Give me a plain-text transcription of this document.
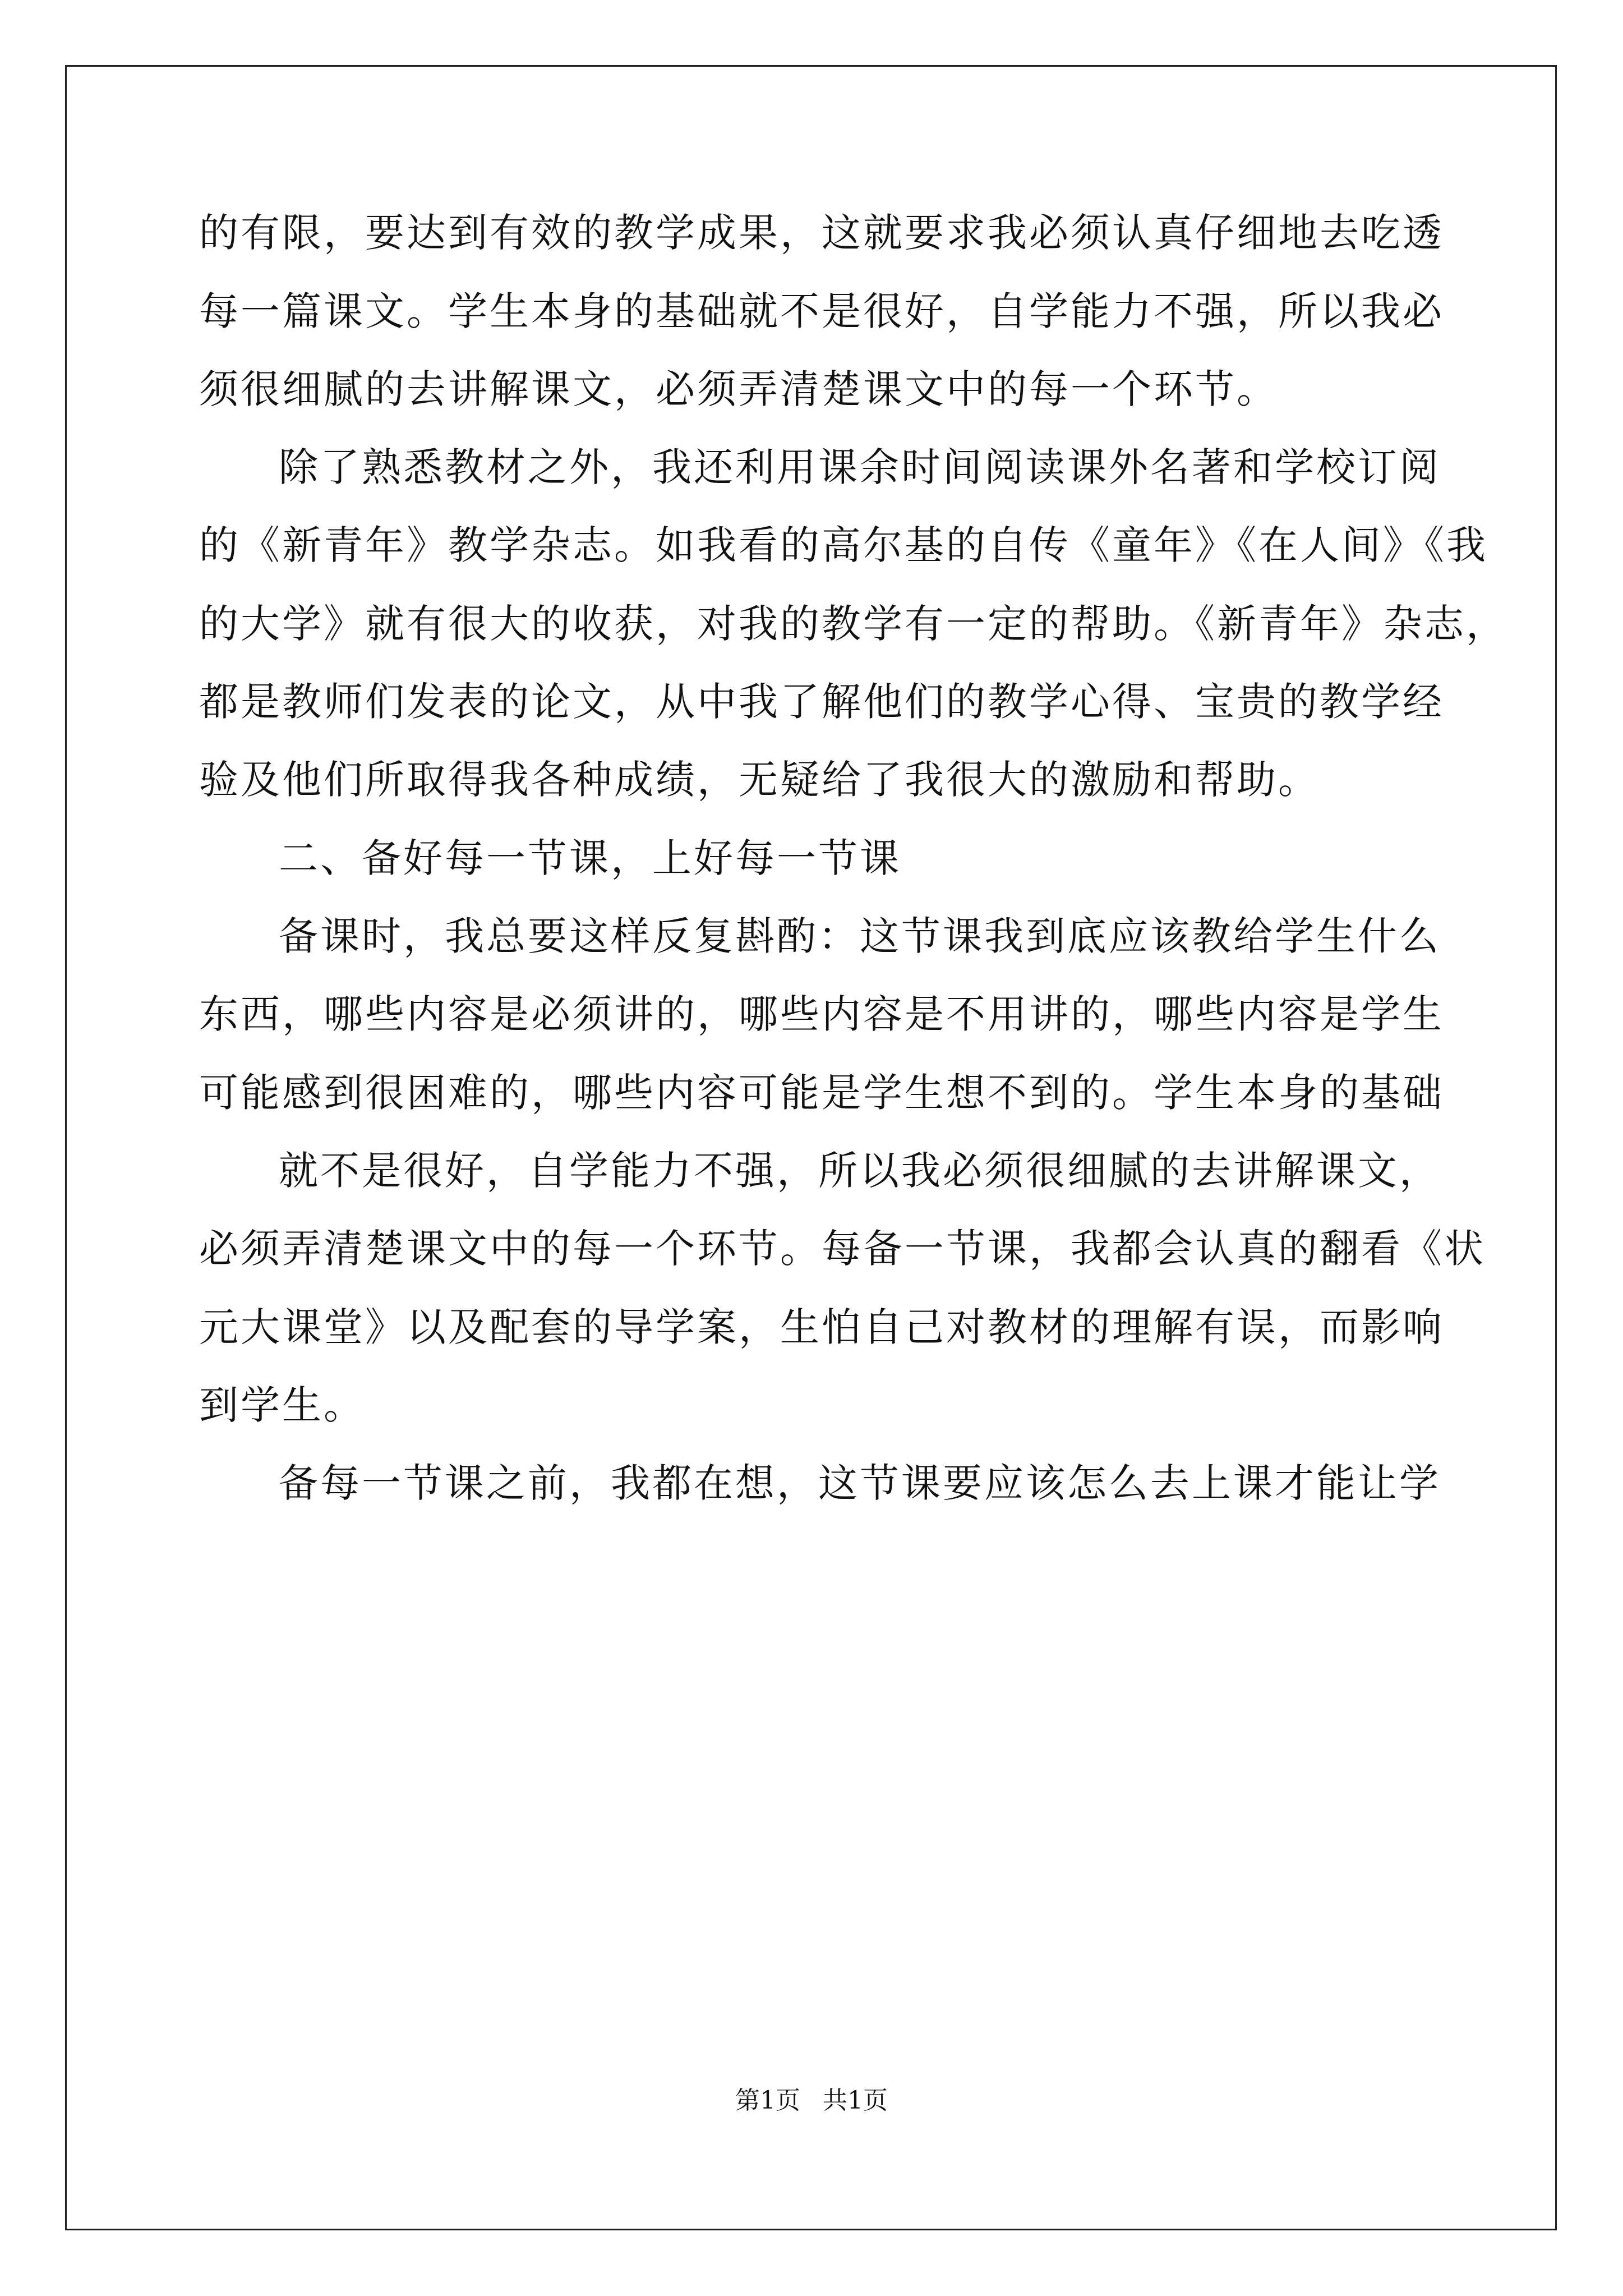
的有限，要达到有效的教学成果，这就要求我必须认真仔细地去吃透
每一篇课文。学生本身的基础就不是很好，自学能力不强，所以我必
须很细腻的去讲解课文，必须弄清楚课文中的每一个环节。
除了熟悉教材之外，我还利用课余时间阅读课外名著和学校订阅
的《新青年》教学杂志。如我看的高尔基的自传《童年》《在人间》《我
的大学》就有很大的收获，对我的教学有一定的帮助。《新青年》杂志，
都是教师们发表的论文，从中我了解他们的教学心得、宝贵的教学经
验及他们所取得我各种成绩，无疑给了我很大的激励和帮助。
二、备好每一节课，上好每一节课
备课时，我总要这样反复斟酌：这节课我到底应该教给学生什么
东西，哪些内容是必须讲的，哪些内容是不用讲的，哪些内容是学生
可能感到很困难的，哪些内容可能是学生想不到的。学生本身的基础
就不是很好，自学能力不强，所以我必须很细腻的去讲解课文，
必须弄清楚课文中的每一个环节。每备一节课，我都会认真的翻看《状
元大课堂》以及配套的导学案，生怕自己对教材的理解有误，而影响
到学生。
备每一节课之前，我都在想，这节课要应该怎么去上课才能让学
第1页 共1页
